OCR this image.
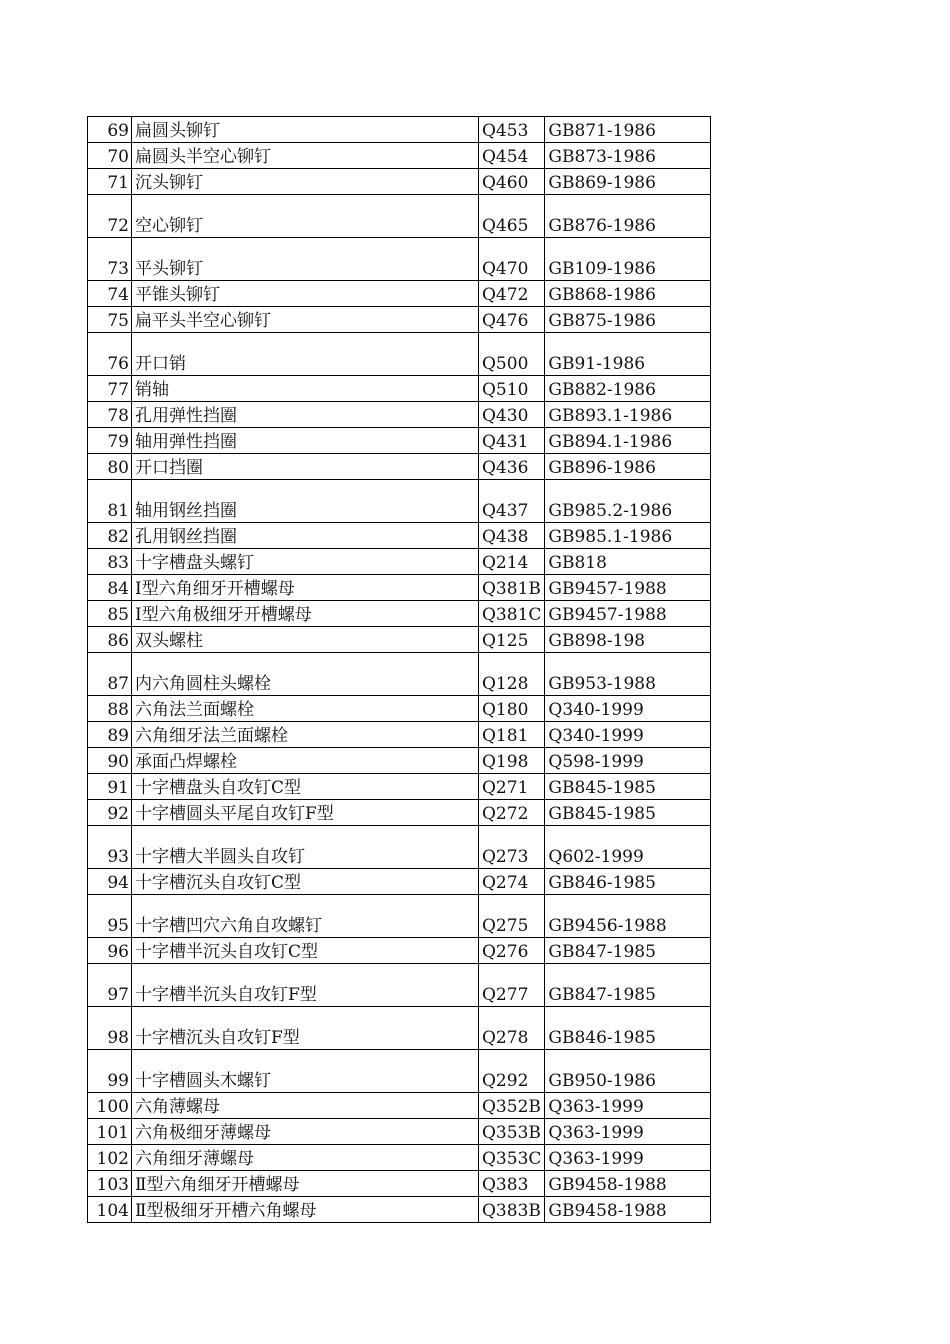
69	扁圆头铆钉	Q453	GB871-1986
70	扁圆头半空心铆钉	Q454	GB873-1986
71	沉头铆钉	Q460	GB869-1986
72	空心铆钉	Q465	GB876-1986
73	平头铆钉	Q470	GB109-1986
74	平锥头铆钉	Q472	GB868-1986
75	扁平头半空心铆钉	Q476	GB875-1986
76	开口销	Q500	GB91-1986
77	销轴	Q510	GB882-1986
78	孔用弹性挡圈	Q430	GB893.1-1986
79	轴用弹性挡圈	Q431	GB894.1-1986
80	开口挡圈	Q436	GB896-1986
81	轴用钢丝挡圈	Q437	GB985.2-1986
82	孔用钢丝挡圈	Q438	GB985.1-1986
83	十字槽盘头螺钉	Q214	GB818
84	Ⅰ型六角细牙开槽螺母	Q381B	GB9457-1988
85	Ⅰ型六角极细牙开槽螺母	Q381C	GB9457-1988
86	双头螺柱	Q125	GB898-198
87	内六角圆柱头螺栓	Q128	GB953-1988
88	六角法兰面螺栓	Q180	Q340-1999
89	六角细牙法兰面螺栓	Q181	Q340-1999
90	承面凸焊螺栓	Q198	Q598-1999
91	十字槽盘头自攻钉C型	Q271	GB845-1985
92	十字槽圆头平尾自攻钉F型	Q272	GB845-1985
93	十字槽大半圆头自攻钉	Q273	Q602-1999
94	十字槽沉头自攻钉C型	Q274	GB846-1985
95	十字槽凹穴六角自攻螺钉	Q275	GB9456-1988
96	十字槽半沉头自攻钉C型	Q276	GB847-1985
97	十字槽半沉头自攻钉F型	Q277	GB847-1985
98	十字槽沉头自攻钉F型	Q278	GB846-1985
99	十字槽圆头木螺钉	Q292	GB950-1986
100	六角薄螺母	Q352B	Q363-1999
101	六角极细牙薄螺母	Q353B	Q363-1999
102	六角细牙薄螺母	Q353C	Q363-1999
103	Ⅱ型六角细牙开槽螺母	Q383	GB9458-1988
104	Ⅱ型极细牙开槽六角螺母	Q383B	GB9458-1988
